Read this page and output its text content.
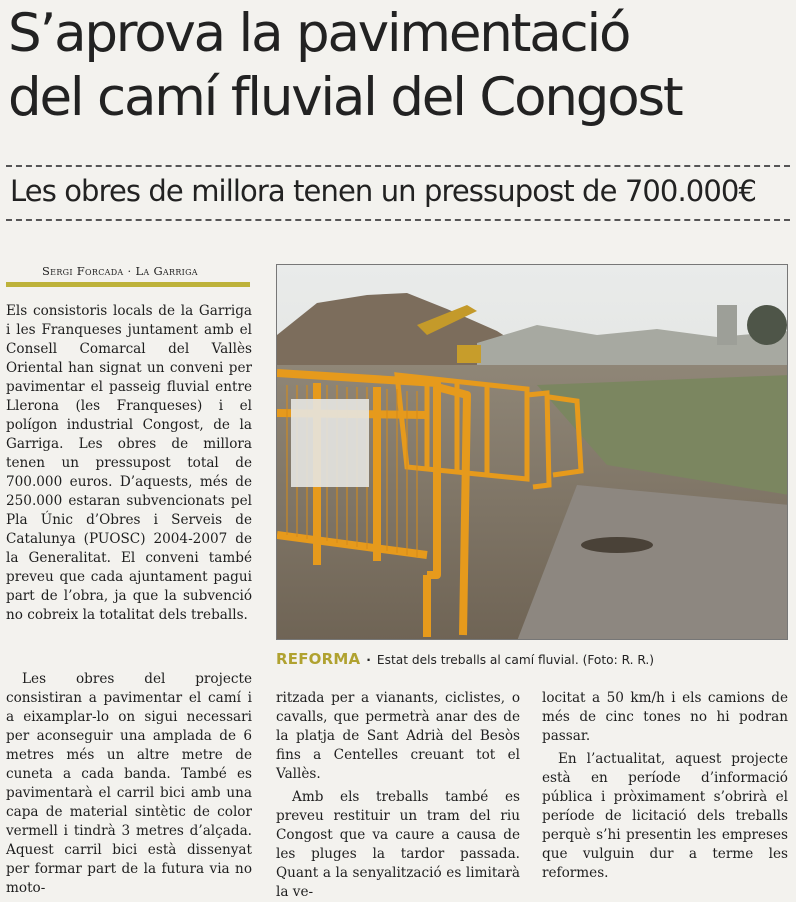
S’aprova la pavimentació
del camí fluvial del Congost
Les obres de millora tenen un pressupost de 700.000€
Sergi Forcada · La Garriga

Els consistoris locals de la Garriga i les Franqueses juntament amb el Consell Comarcal del Vallès Oriental han signat un conveni per pavimentar el passeig fluvial entre Llerona (les Franqueses) i el polígon industrial Congost, de la Garriga. Les obres de millora tenen un pressupost total de 700.000 euros. D’aquests, més de 250.000 estaran subvencionats pel Pla Únic d’Obres i Serveis de Catalunya (PUOSC) 2004-2007 de la Generalitat. El conveni també preveu que cada ajuntament pagui part de l’obra, ja que la subvenció no cobreix la totalitat dels treballs.

Les obres del projecte consistiran a pavimentar el camí i a eixamplar-lo on sigui necessari per aconseguir una amplada de 6 metres més un altre metre de cuneta a cada banda. També es pavimentarà el carril bici amb una capa de material sintètic de color vermell i tindrà 3 metres d’alçada. Aquest carril bici està dissenyat per formar part de la futura via no moto-

REFORMA · Estat dels treballs al camí fluvial. (Foto: R. R.)

ritzada per a vianants, ciclistes, o cavalls, que permetrà anar des de la platja de Sant Adrià del Besòs fins a Centelles creuant tot el Vallès.

Amb els treballs també es preveu restituir un tram del riu Congost que va caure a causa de les pluges la tardor passada. Quant a la senyalització es limitarà la ve-

locitat a 50 km/h i els camions de més de cinc tones no hi podran passar.

En l’actualitat, aquest projecte està en període d’informació pública i pròximament s’obrirà el període de licitació dels treballs perquè s’hi presentin les empreses que vulguin dur a terme les reformes.
